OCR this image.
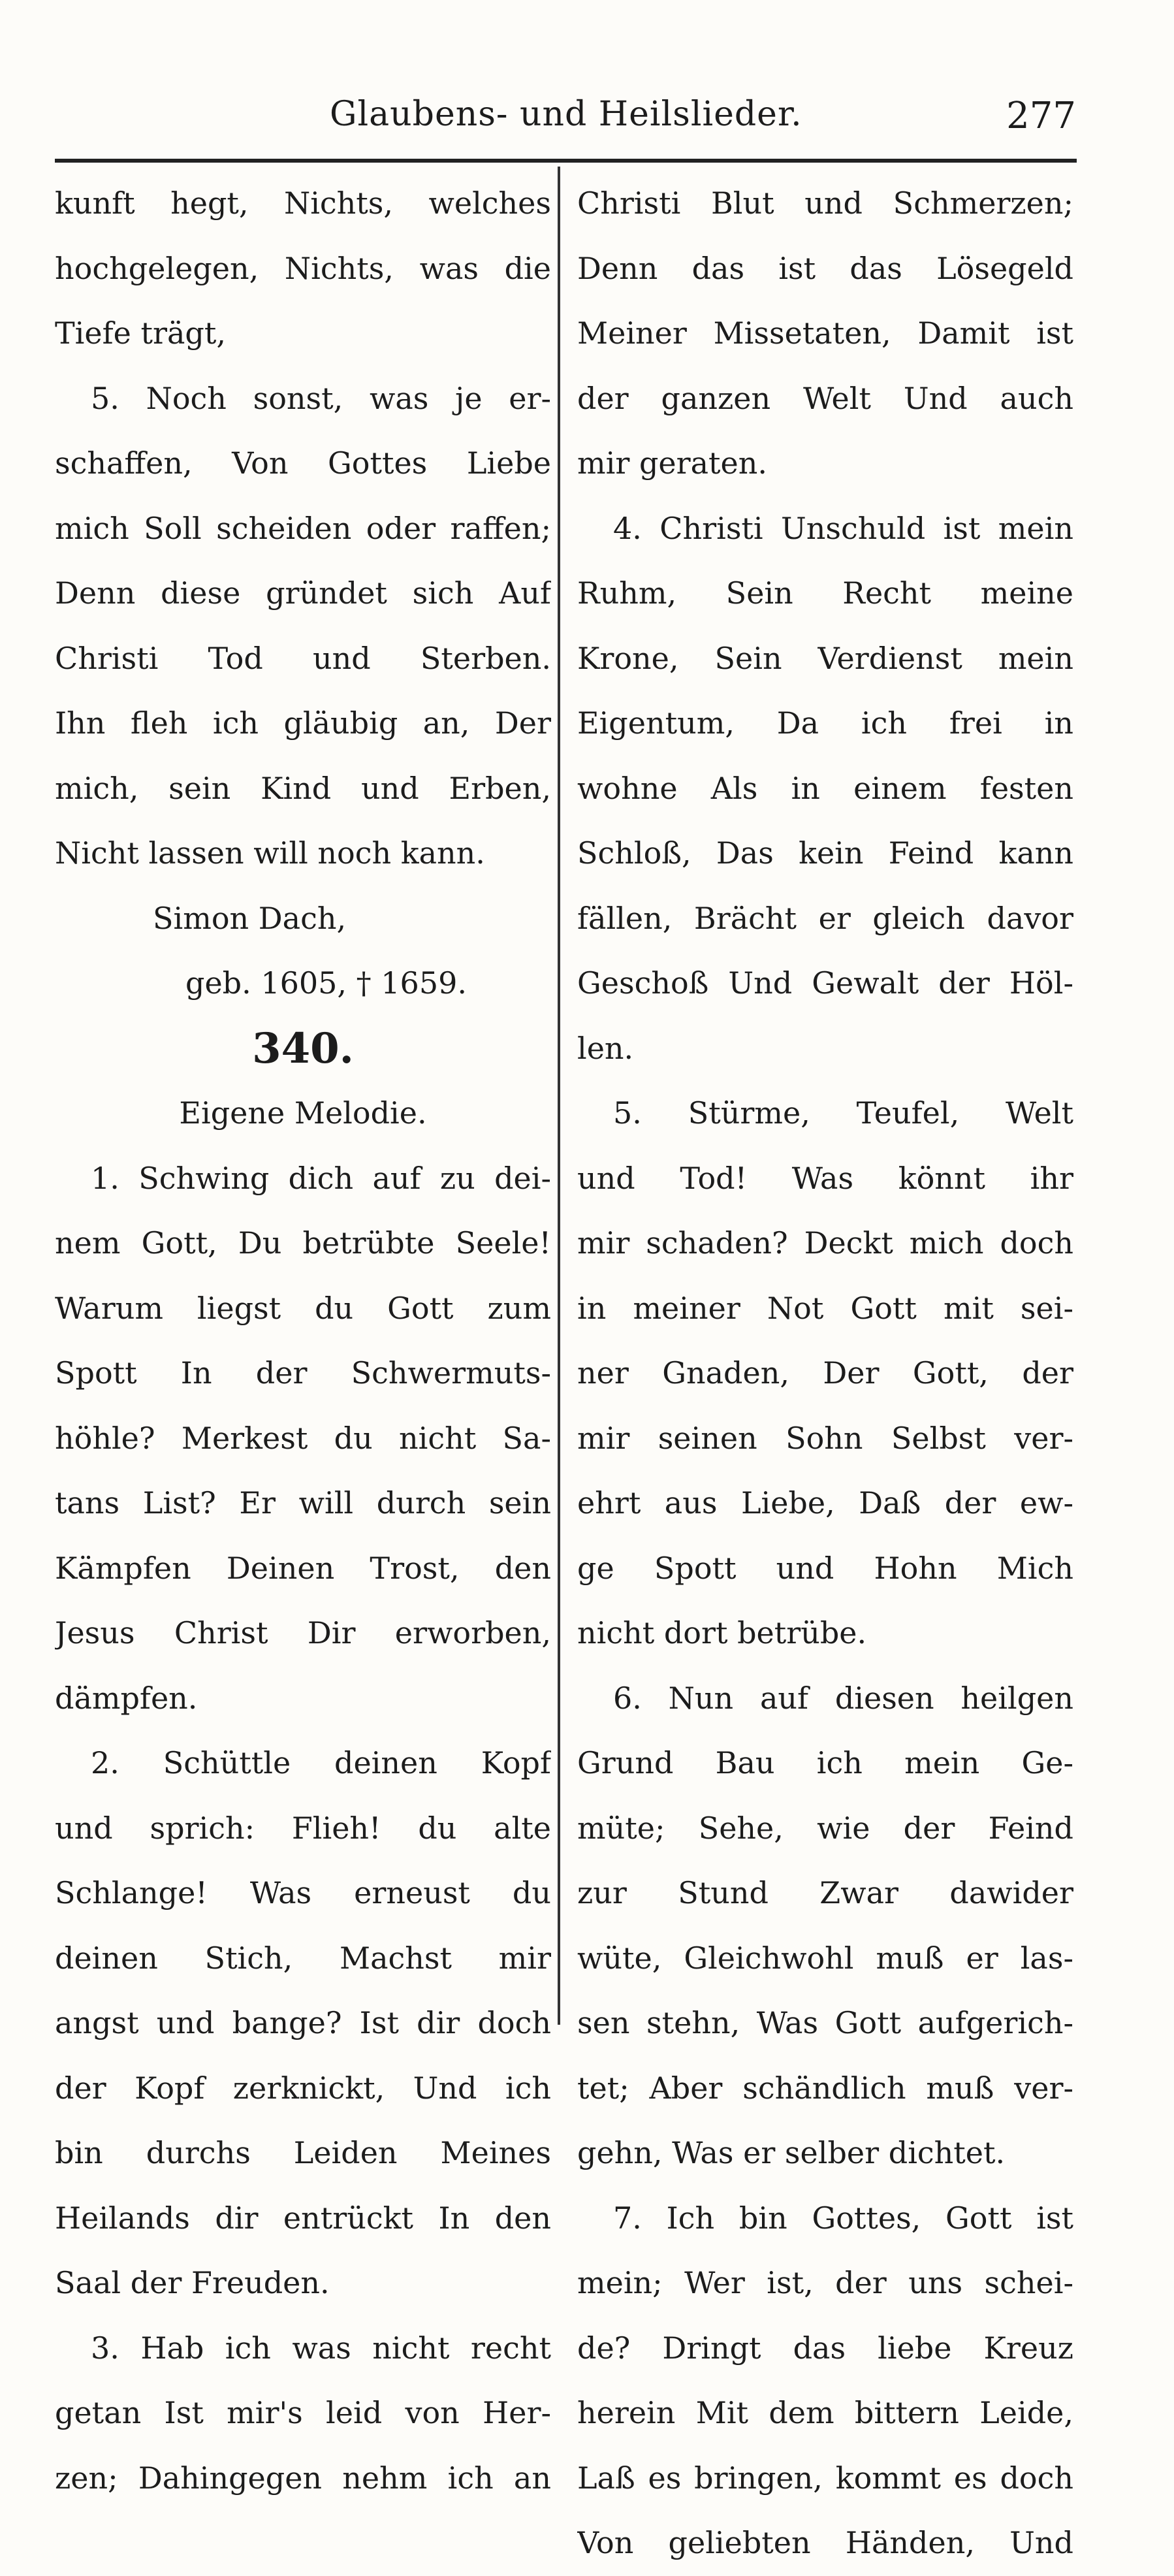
Glaubens- und Heilslieder.	277
kunft hegt, Nichts, welches
hochgelegen, Nichts, was die
Tiefe trägt,
5. Noch sonst, was je er-
schaffen, Von Gottes Liebe
mich Soll scheiden oder raffen;
Denn diese gründet sich Auf
Christi Tod und Sterben.
Ihn fleh ich gläubig an, Der
mich, sein Kind und Erben,
Nicht lassen will noch kann.
Simon Dach,
geb. 1605, † 1659.
340.
Eigene Melodie.
1. Schwing dich auf zu dei-
nem Gott, Du betrübte Seele!
Warum liegst du Gott zum
Spott In der Schwermuts-
höhle? Merkest du nicht Sa-
tans List? Er will durch sein
Kämpfen Deinen Trost, den
Jesus Christ Dir erworben,
dämpfen.
2. Schüttle deinen Kopf
und sprich: Flieh! du alte
Schlange! Was erneust du
deinen Stich, Machst mir
angst und bange? Ist dir doch
der Kopf zerknickt, Und ich
bin durchs Leiden Meines
Heilands dir entrückt In den
Saal der Freuden.
3. Hab ich was nicht recht
getan Ist mir's leid von Her-
zen; Dahingegen nehm ich an
Christi Blut und Schmerzen;
Denn das ist das Lösegeld
Meiner Missetaten, Damit ist
der ganzen Welt Und auch
mir geraten.
4. Christi Unschuld ist mein
Ruhm, Sein Recht meine
Krone, Sein Verdienst mein
Eigentum, Da ich frei in
wohne Als in einem festen
Schloß, Das kein Feind kann
fällen, Brächt er gleich davor
Geschoß Und Gewalt der Höl-
len.
5. Stürme, Teufel, Welt
und Tod! Was könnt ihr
mir schaden? Deckt mich doch
in meiner Not Gott mit sei-
ner Gnaden, Der Gott, der
mir seinen Sohn Selbst ver-
ehrt aus Liebe, Daß der ew-
ge Spott und Hohn Mich
nicht dort betrübe.
6. Nun auf diesen heilgen
Grund Bau ich mein Ge-
müte; Sehe, wie der Feind
zur Stund Zwar dawider
wüte, Gleichwohl muß er las-
sen stehn, Was Gott aufgerich-
tet; Aber schändlich muß ver-
gehn, Was er selber dichtet.
7. Ich bin Gottes, Gott ist
mein; Wer ist, der uns schei-
de? Dringt das liebe Kreuz
herein Mit dem bittern Leide,
Laß es bringen, kommt es doch
Von geliebten Händen, Und
